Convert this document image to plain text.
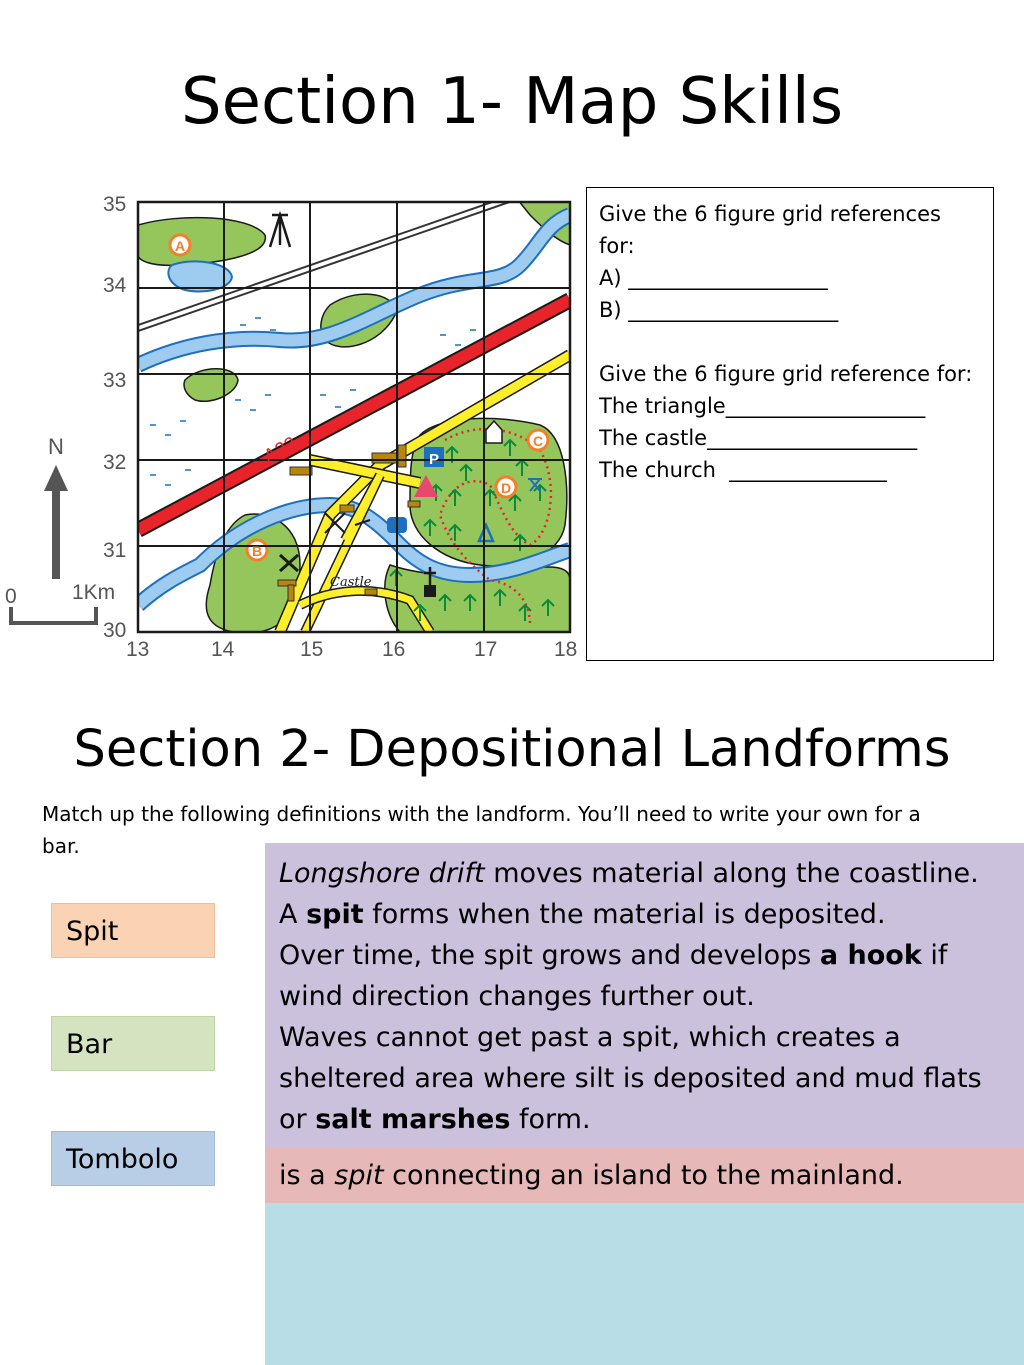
Section 1- Map Skills
A23
Castle
A
B
C
D
P
35
34
33
32
31
30
13	14	15	16	17	18
N
0	1Km
Give the 6 figure grid references
for:
A) ___________________
B) ____________________
Give the 6 figure grid reference for:
The triangle___________________
The castle____________________
The church  _______________
Section 2- Depositional Landforms
Match up the following definitions with the landform. You’ll need to write your own for a bar.
Spit
Bar
Tombolo

Longshore drift moves material along the coastline.

A spit forms when the material is deposited.

Over time, the spit grows and develops a hook if wind direction changes further out.

Waves cannot get past a spit, which creates a sheltered area where silt is deposited and mud flats or salt marshes form.

is a spit connecting an island to the mainland.
